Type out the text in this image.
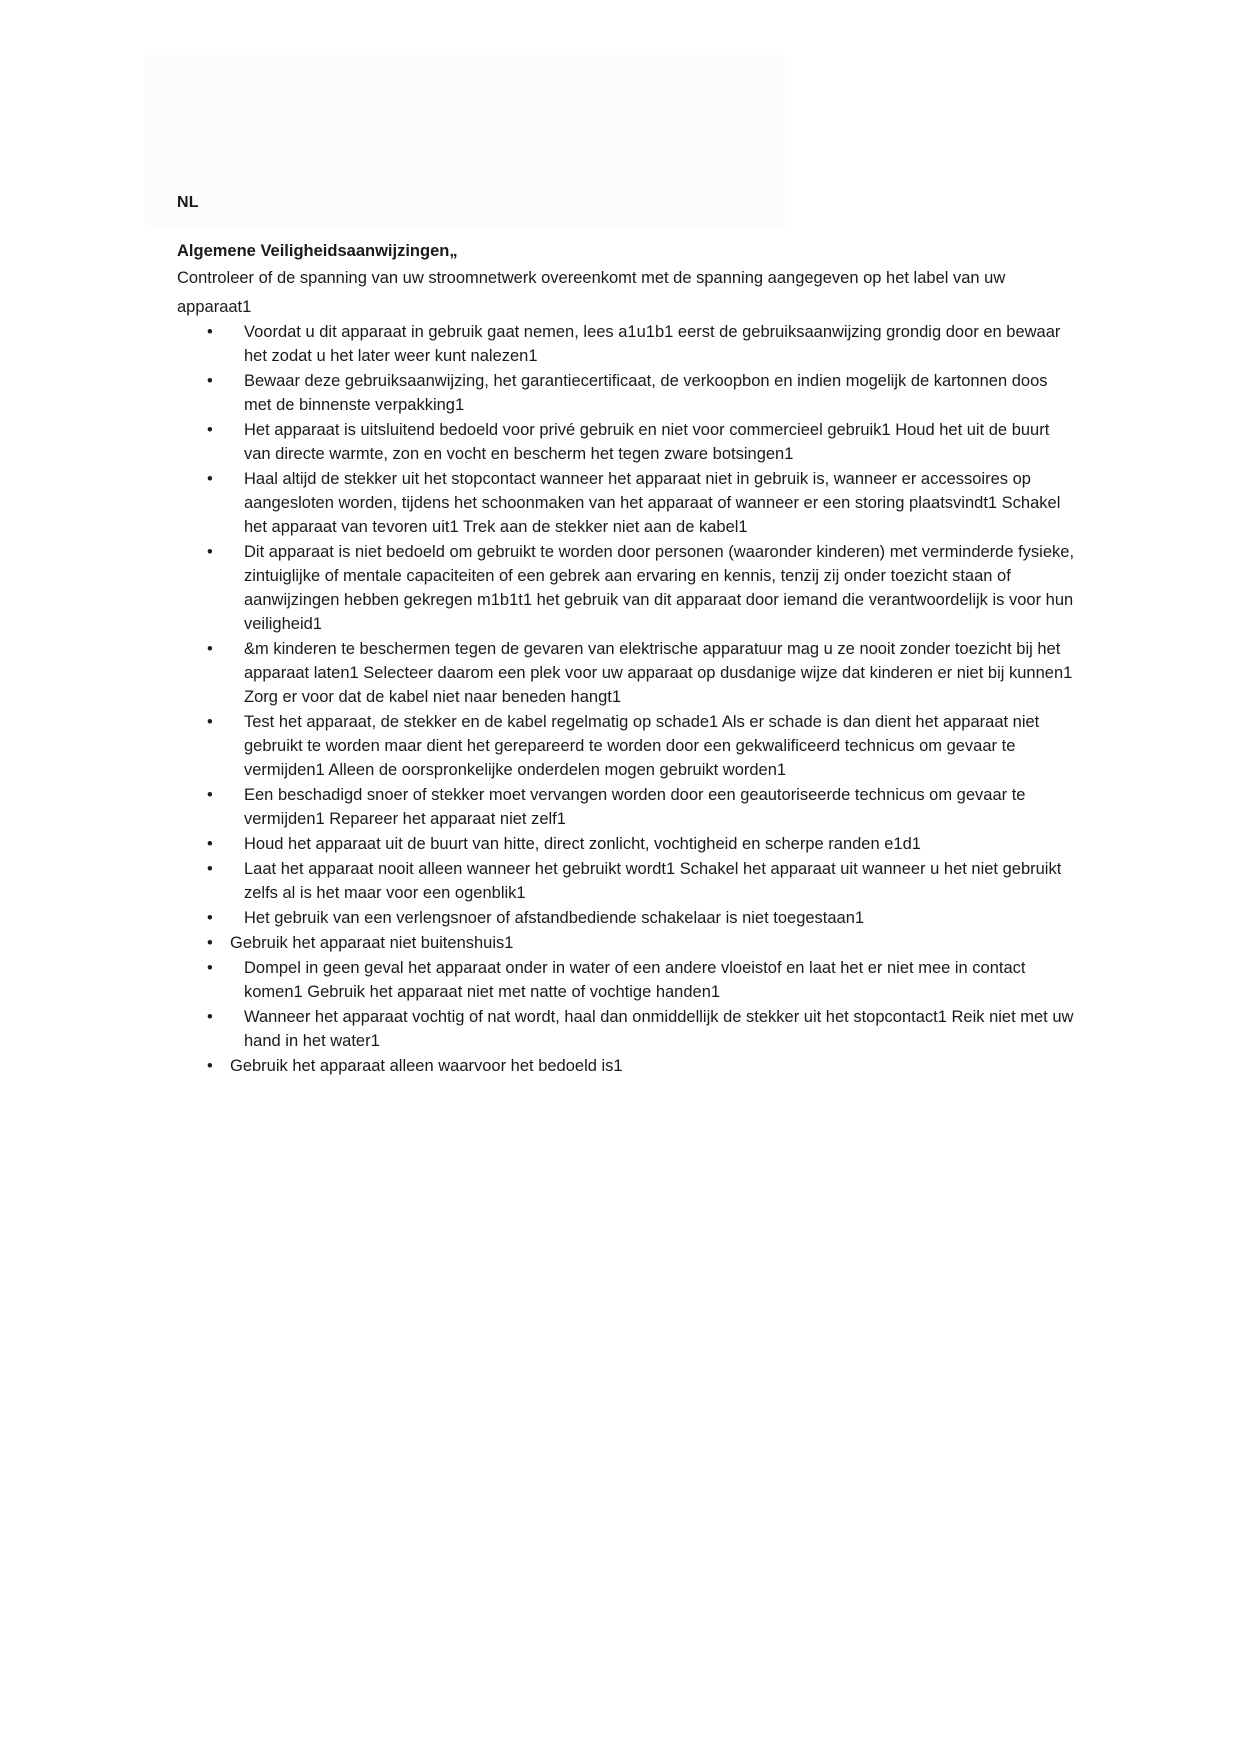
NL
Algemene Veiligheidsaanwijzingen„
Controleer of de spanning van uw stroomnetwerk overeenkomt met de spanning aangegeven op het label van uw apparaat1
•	Voordat u dit apparaat in gebruik gaat nemen, lees a1u1b1 eerst de gebruiksaanwijzing grondig door en bewaar het zodat u het later weer kunt nalezen1
•	Bewaar deze gebruiksaanwijzing, het garantiecertificaat, de verkoopbon en indien mogelijk de kartonnen doos met de binnenste verpakking1
•	Het apparaat is uitsluitend bedoeld voor privé gebruik en niet voor commercieel gebruik1 Houd het uit de buurt van directe warmte, zon en vocht en bescherm het tegen zware botsingen1
•	Haal altijd de stekker uit het stopcontact wanneer het apparaat niet in gebruik is, wanneer er accessoires op aangesloten worden, tijdens het schoonmaken van het apparaat of wanneer er een storing plaatsvindt1 Schakel het apparaat van tevoren uit1 Trek aan de stekker niet aan de kabel1
•	Dit apparaat is niet bedoeld om gebruikt te worden door personen (waaronder kinderen) met verminderde fysieke, zintuiglijke of mentale capaciteiten of een gebrek aan ervaring en kennis, tenzij zij onder toezicht staan of aanwijzingen hebben gekregen m1b1t1 het gebruik van dit apparaat door iemand die verantwoordelijk is voor hun veiligheid1
•	&m kinderen te beschermen tegen de gevaren van elektrische apparatuur mag u ze nooit zonder toezicht bij het apparaat laten1 Selecteer daarom een plek voor uw apparaat op dusdanige wijze dat kinderen er niet bij kunnen1 Zorg er voor dat de kabel niet naar beneden hangt1
•	Test het apparaat, de stekker en de kabel regelmatig op schade1 Als er schade is dan dient het apparaat niet gebruikt te worden maar dient het gerepareerd te worden door een gekwalificeerd technicus om gevaar te vermijden1 Alleen de oorspronkelijke onderdelen mogen gebruikt worden1
•	Een beschadigd snoer of stekker moet vervangen worden door een geautoriseerde technicus om gevaar te vermijden1 Repareer het apparaat niet zelf1
•	Houd het apparaat uit de buurt van hitte, direct zonlicht, vochtigheid en scherpe randen e1d1
•	Laat het apparaat nooit alleen wanneer het gebruikt wordt1 Schakel het apparaat uit wanneer u het niet gebruikt zelfs al is het maar voor een ogenblik1
•	Het gebruik van een verlengsnoer of afstandbediende schakelaar is niet toegestaan1
•	Gebruik het apparaat niet buitenshuis1
•	Dompel in geen geval het apparaat onder in water of een andere vloeistof en laat het er niet mee in contact komen1 Gebruik het apparaat niet met natte of vochtige handen1
•	Wanneer het apparaat vochtig of nat wordt, haal dan onmiddellijk de stekker uit het stopcontact1 Reik niet met uw hand in het water1
•	Gebruik het apparaat alleen waarvoor het bedoeld is1
